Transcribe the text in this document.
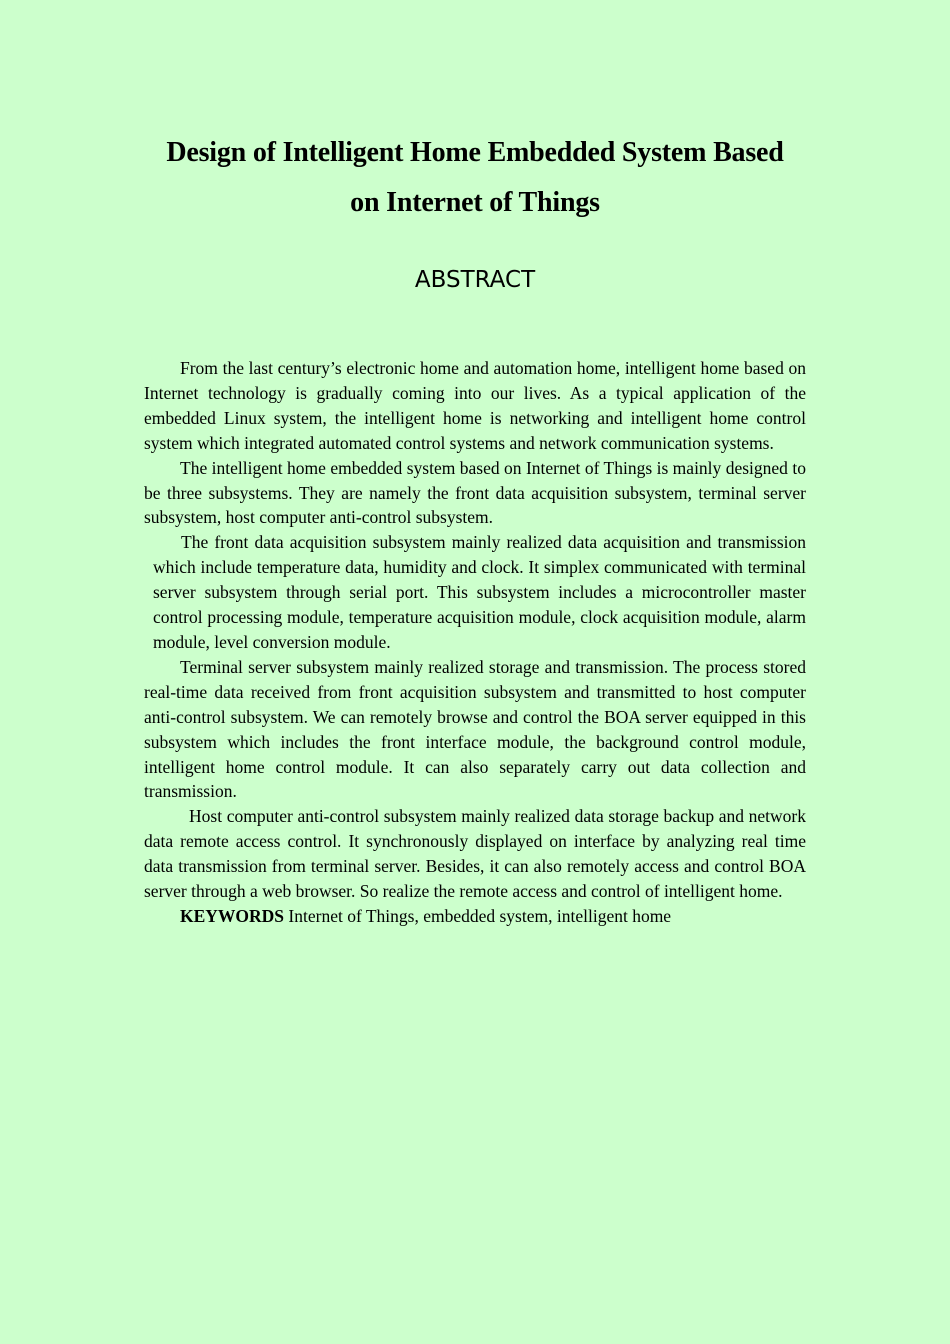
Design of Intelligent Home Embedded System Based
on Internet of Things
ABSTRACT

From the last century’s electronic home and automation home, intelligent home based on Internet technology is gradually coming into our lives. As a typical application of the embedded Linux system, the intelligent home is networking and intelligent home control system which integrated automated control systems and network communication systems.

The intelligent home embedded system based on Internet of Things is mainly designed to be three subsystems. They are namely the front data acquisition subsystem, terminal server subsystem, host computer anti-control subsystem.

The front data acquisition subsystem mainly realized data acquisition and transmission which include temperature data, humidity and clock. It simplex communicated with terminal server subsystem through serial port. This subsystem includes a microcontroller master control processing module, temperature acquisition module, clock acquisition module, alarm module, level conversion module.

Terminal server subsystem mainly realized storage and transmission. The process stored real-time data received from front acquisition subsystem and transmitted to host computer anti-control subsystem. We can remotely browse and control the BOA server equipped in this subsystem which includes the front interface module, the background control module, intelligent home control module. It can also separately carry out data collection and transmission.

Host computer anti-control subsystem mainly realized data storage backup and network data remote access control. It synchronously displayed on interface by analyzing real time data transmission from terminal server. Besides, it can also remotely access and control BOA server through a web browser. So realize the remote access and control of intelligent home.

KEYWORDS Internet of Things, embedded system, intelligent home
